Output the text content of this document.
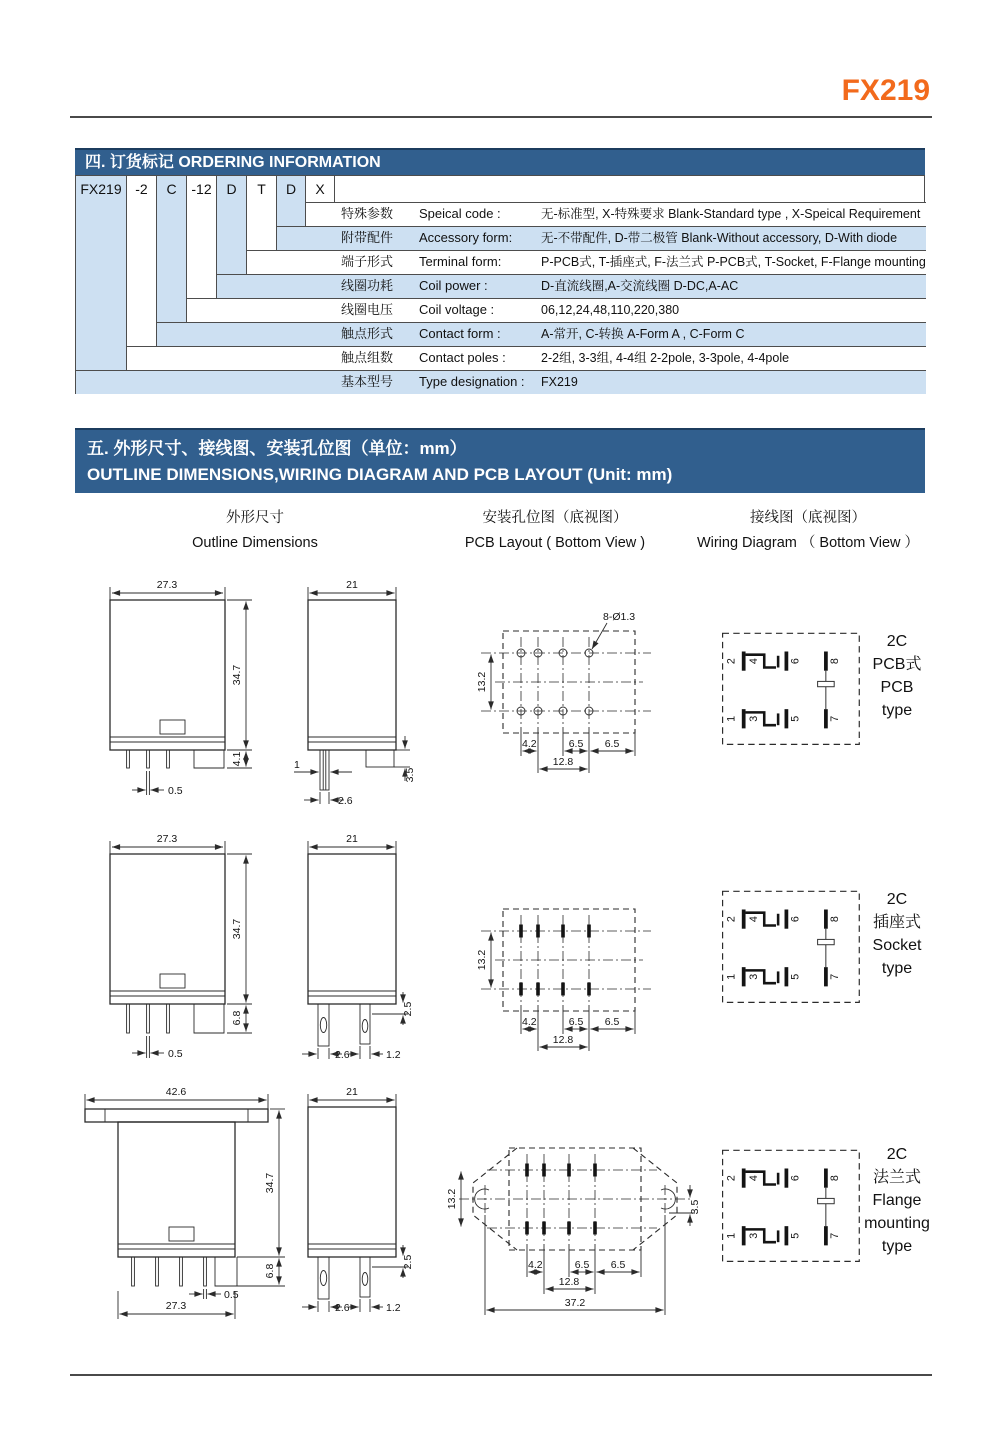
FX219
四. 订货标记 ORDERING INFORMATION
FX219 -2	C	-12	D	T	D	X
特殊参数 Speical code :	无-标准型, X-特殊要求 Blank-Standard type , X-Speical Requirement
附带配件 Accessory form: 无-不带配件, D-带二极管 Blank-Without accessory, D-With diode
端子形式 Terminal form:	P-PCB式, T-插座式, F-法兰式 P-PCB式, T-Socket, F-Flange mounting
线圈功耗 Coil power :	D-直流线圈,A-交流线圈 D-DC,A-AC
线圈电压 Coil voltage :	06,12,24,48,110,220,380
触点形式 Contact form :	A-常开, C-转换 A-Form A , C-Form C
触点组数 Contact poles :	2-2组, 3-3组, 4-4组 2-2pole, 3-3pole, 4-4pole
基本型号 Type designation : FX219
五. 外形尺寸、接线图、安装孔位图（单位：mm）
OUTLINE DIMENSIONS,WIRING DIAGRAM AND PCB LAYOUT (Unit: mm)
外形尺寸
Outline Dimensions
安装孔位图（底视图）
PCB Layout ( Bottom View )
接线图（底视图）
Wiring Diagram （ Bottom View ）
27.3
34.7
4.1
0.5
21
1
2.6
3.5
8-Ø1.3
13.2
4.2	6.5 6.5
12.8
2 4	6
1 3	5
8
7
2C
PCB式
PCB
type
27.3
34.7
6.8
0.5
21
2.5
2.6	1.2
13.2
4.2	6.5 6.5
12.8
2 4	6
1 3	5
8
7
2C
插座式
Socket
type
42.6
34.7
6.8
0.5
27.3
21
2.5
2.6	1.2
13.2	3.5
4.2	6.5 6.5
12.8
37.2
2 4	6
1 3	5
8
7
2C
法兰式
Flange
mounting
type
